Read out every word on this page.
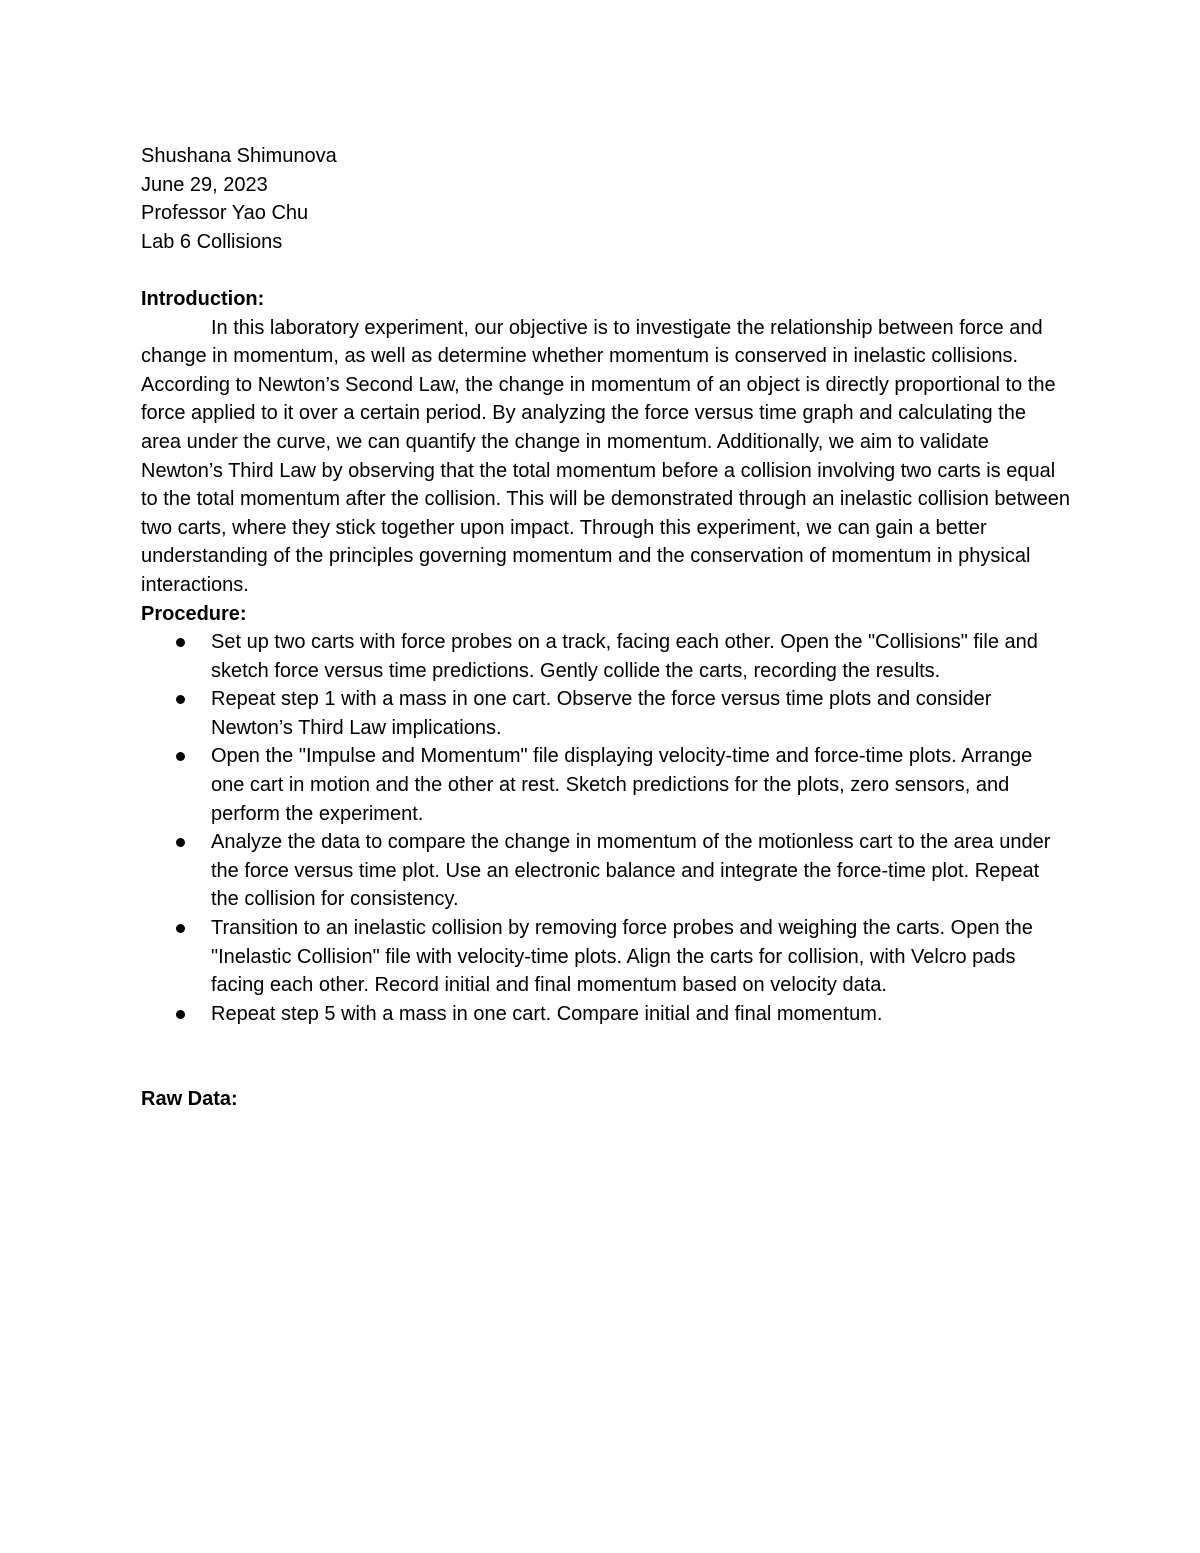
Shushana Shimunova
June 29, 2023
Professor Yao Chu
Lab 6 Collisions

Introduction:

In this laboratory experiment, our objective is to investigate the relationship between force and change in momentum, as well as determine whether momentum is conserved in inelastic collisions. According to Newton’s Second Law, the change in momentum of an object is directly proportional to the force applied to it over a certain period. By analyzing the force versus time graph and calculating the area under the curve, we can quantify the change in momentum. Additionally, we aim to validate Newton’s Third Law by observing that the total momentum before a collision involving two carts is equal to the total momentum after the collision. This will be demonstrated through an inelastic collision between two carts, where they stick together upon impact. Through this experiment, we can gain a better understanding of the principles governing momentum and the conservation of momentum in physical interactions.

Procedure:

Set up two carts with force probes on a track, facing each other. Open the "Collisions" file and sketch force versus time predictions. Gently collide the carts, recording the results.
Repeat step 1 with a mass in one cart. Observe the force versus time plots and consider Newton’s Third Law implications.
Open the "Impulse and Momentum" file displaying velocity-time and force-time plots. Arrange one cart in motion and the other at rest. Sketch predictions for the plots, zero sensors, and perform the experiment.
Analyze the data to compare the change in momentum of the motionless cart to the area under the force versus time plot. Use an electronic balance and integrate the force-time plot. Repeat the collision for consistency.
Transition to an inelastic collision by removing force probes and weighing the carts. Open the "Inelastic Collision" file with velocity-time plots. Align the carts for collision, with Velcro pads facing each other. Record initial and final momentum based on velocity data.
Repeat step 5 with a mass in one cart. Compare initial and final momentum.

Raw Data:
